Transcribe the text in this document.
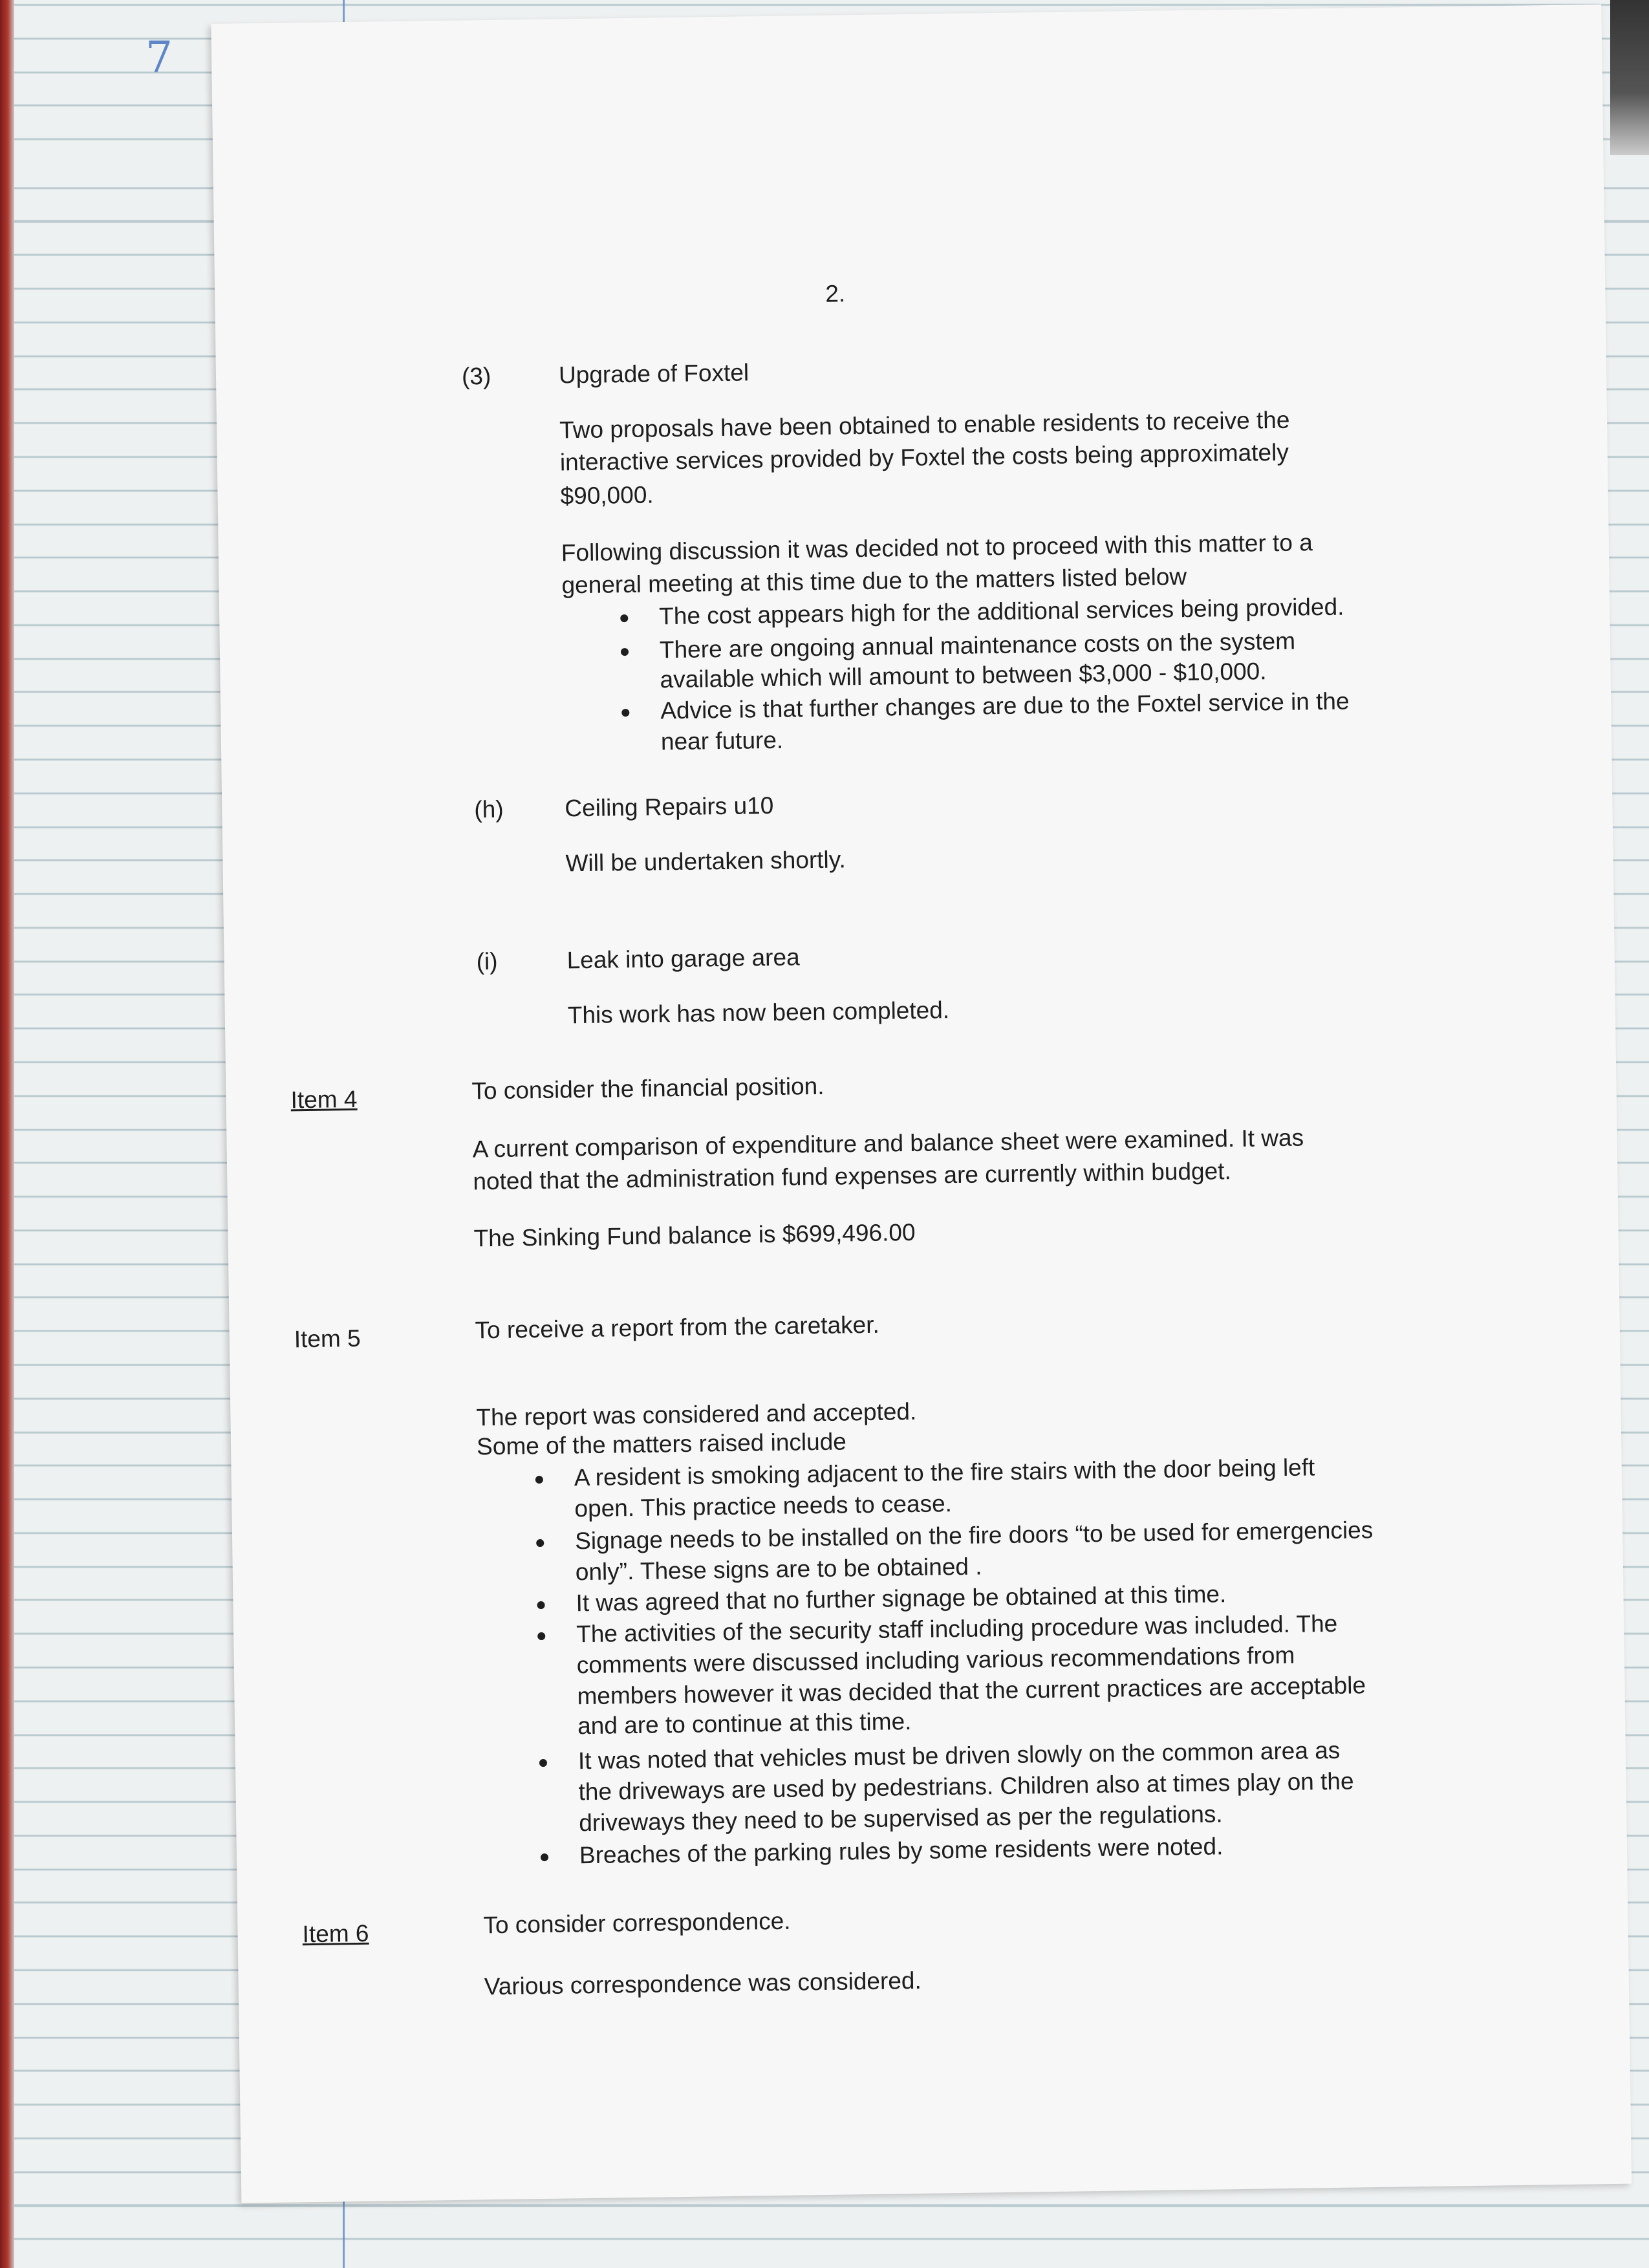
7
2.
(3)	Upgrade of Foxtel
Two proposals have been obtained to enable residents to receive the
interactive services provided by Foxtel the costs being approximately
$90,000.
Following discussion it was decided not to proceed with this matter to a
general meeting at this time due to the matters listed below
The cost appears high for the additional services being provided.
There are ongoing annual maintenance costs on the system
available which will amount to between $3,000 - $10,000.
Advice is that further changes are due to the Foxtel service in the
near future.
(h)	Ceiling Repairs u10
Will be undertaken shortly.
(i)	Leak into garage area
This work has now been completed.
Item 4	To consider the financial position.
A current comparison of expenditure and balance sheet were examined. It was
noted that the administration fund expenses are currently within budget.
The Sinking Fund balance is $699,496.00
Item 5	To receive a report from the caretaker.
The report was considered and accepted.
Some of the matters raised include
A resident is smoking adjacent to the fire stairs with the door being left
open. This practice needs to cease.
Signage needs to be installed on the fire doors “to be used for emergencies
only”. These signs are to be obtained .
It was agreed that no further signage be obtained at this time.
The activities of the security staff including procedure was included. The
comments were discussed including various recommendations from
members however it was decided that the current practices are acceptable
and are to continue at this time.
It was noted that vehicles must be driven slowly on the common area as
the driveways are used by pedestrians. Children also at times play on the
driveways they need to be supervised as per the regulations.
Breaches of the parking rules by some residents were noted.
Item 6	To consider correspondence.
Various correspondence was considered.
